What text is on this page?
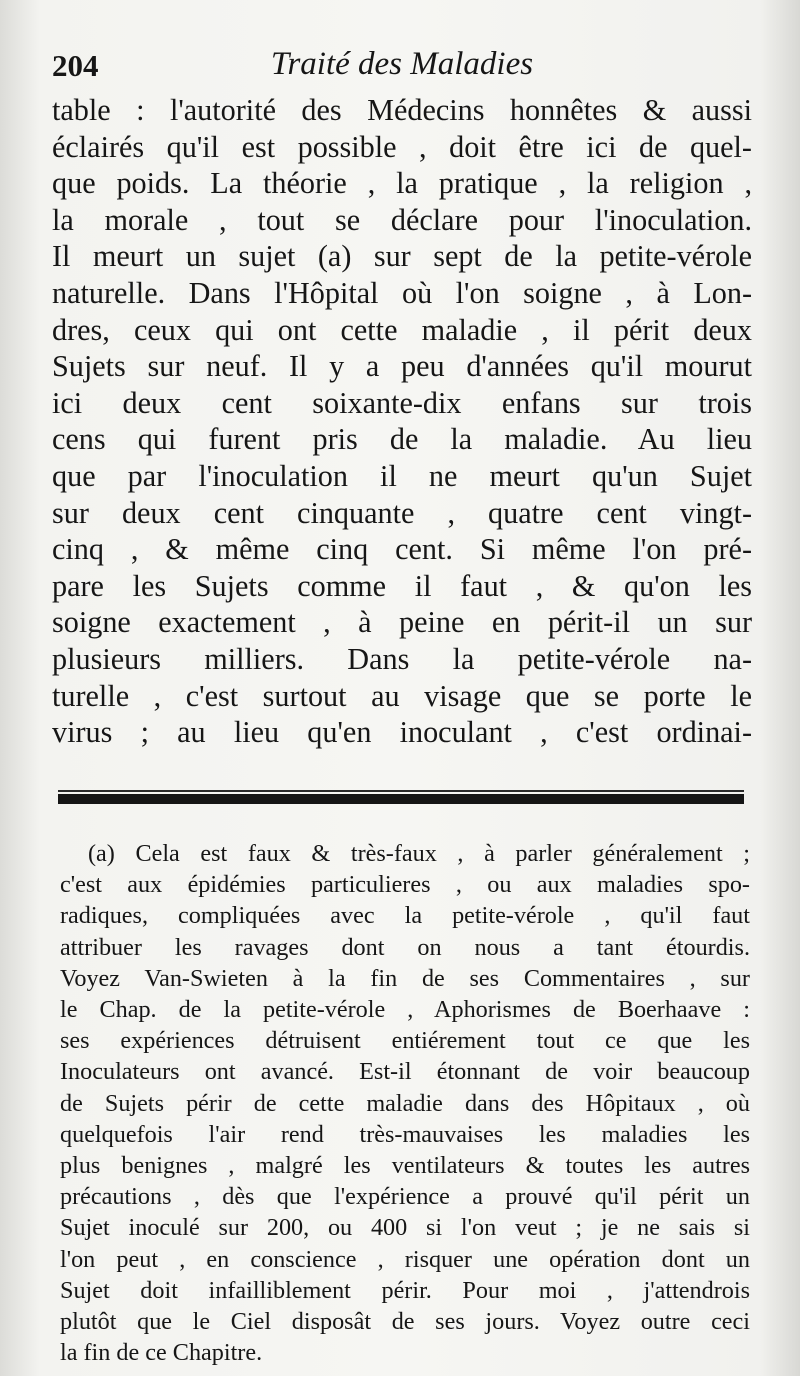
204	Traité des Maladies
table : l'autorité des Médecins honnêtes & aussi
éclairés qu'il est possible , doit être ici de quel-
que poids. La théorie , la pratique , la religion ,
la morale , tout se déclare pour l'inoculation.
Il meurt un sujet (a) sur sept de la petite-vérole
naturelle. Dans l'Hôpital où l'on soigne , à Lon-
dres, ceux qui ont cette maladie , il périt deux
Sujets sur neuf. Il y a peu d'années qu'il mourut
ici deux cent soixante-dix enfans sur trois
cens qui furent pris de la maladie. Au lieu
que par l'inoculation il ne meurt qu'un Sujet
sur deux cent cinquante , quatre cent vingt-
cinq , & même cinq cent. Si même l'on pré-
pare les Sujets comme il faut , & qu'on les
soigne exactement , à peine en périt-il un sur
plusieurs milliers. Dans la petite-vérole na-
turelle , c'est surtout au visage que se porte le
virus ; au lieu qu'en inoculant , c'est ordinai-
(a) Cela est faux & très-faux , à parler généralement ;
c'est aux épidémies particulieres , ou aux maladies spo-
radiques, compliquées avec la petite-vérole , qu'il faut
attribuer les ravages dont on nous a tant étourdis.
Voyez Van-Swieten à la fin de ses Commentaires , sur
le Chap. de la petite-vérole , Aphorismes de Boerhaave :
ses expériences détruisent entiérement tout ce que les
Inoculateurs ont avancé. Est-il étonnant de voir beaucoup
de Sujets périr de cette maladie dans des Hôpitaux , où
quelquefois l'air rend très-mauvaises les maladies les
plus benignes , malgré les ventilateurs & toutes les autres
précautions , dès que l'expérience a prouvé qu'il périt un
Sujet inoculé sur 200, ou 400 si l'on veut ; je ne sais si
l'on peut , en conscience , risquer une opération dont un
Sujet doit infailliblement périr. Pour moi , j'attendrois
plutôt que le Ciel disposât de ses jours. Voyez outre ceci
la fin de ce Chapitre.
